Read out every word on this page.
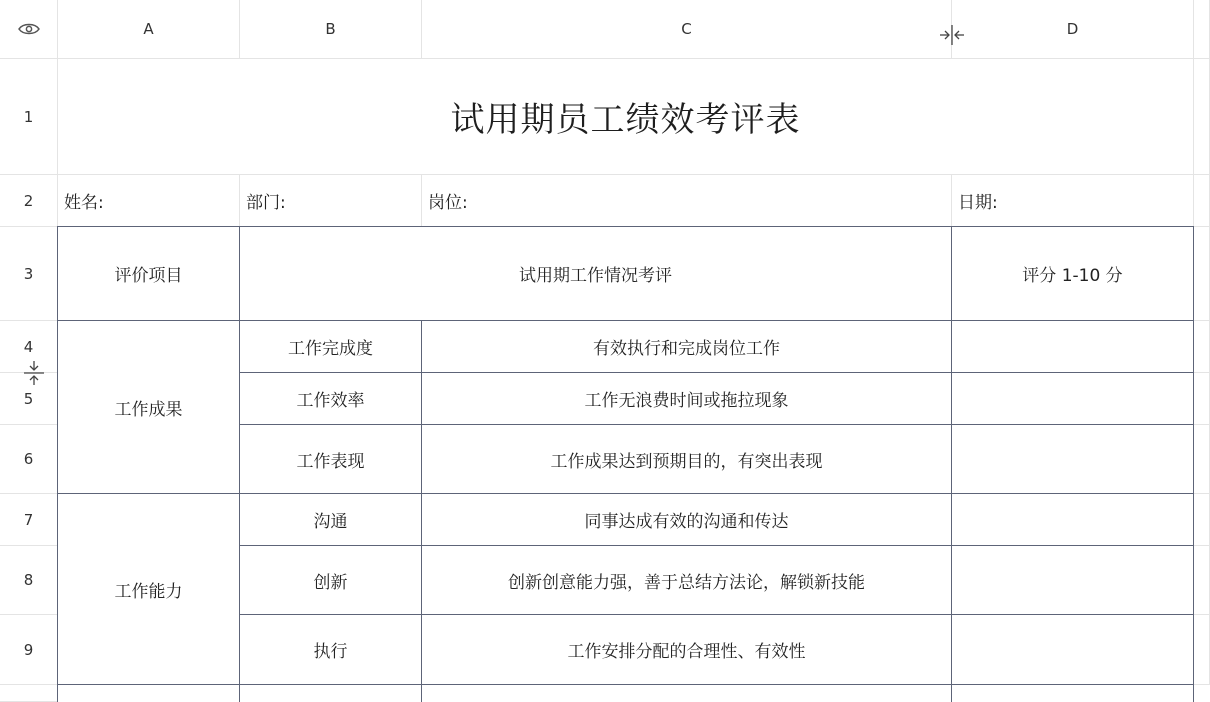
A	B	C	D
1
2
3
4
5
6
7
8
9
试用期员工绩效考评表
姓名:	部门:	岗位:	日期:
评价项目	试用期工作情况考评	评分 1-10 分
工作成果
工作完成度	有效执行和完成岗位工作
工作效率	工作无浪费时间或拖拉现象
工作表现	工作成果达到预期目的，有突出表现
工作能力
沟通	同事达成有效的沟通和传达
创新	创新创意能力强，善于总结方法论，解锁新技能
执行	工作安排分配的合理性、有效性
